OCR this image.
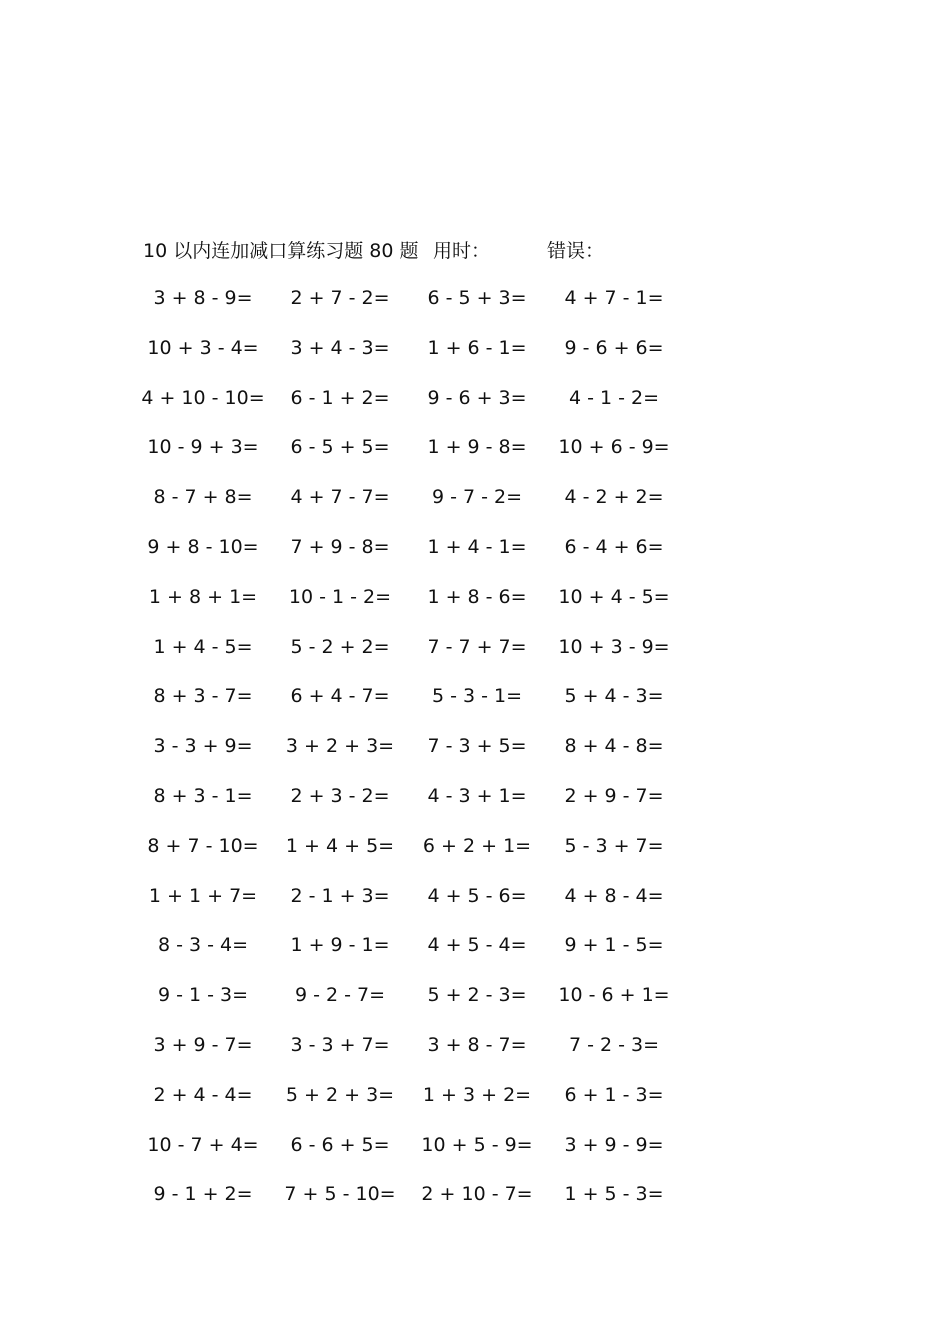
10 以内连加减口算练习题 80 题 用时：	错误：
3 + 8 - 9=	2 + 7 - 2=	6 - 5 + 3=	4 + 7 - 1=
10 + 3 - 4=	3 + 4 - 3=	1 + 6 - 1=	9 - 6 + 6=
4 + 10 - 10=	6 - 1 + 2=	9 - 6 + 3=	4 - 1 - 2=
10 - 9 + 3=	6 - 5 + 5=	1 + 9 - 8=	10 + 6 - 9=
8 - 7 + 8=	4 + 7 - 7=	9 - 7 - 2=	4 - 2 + 2=
9 + 8 - 10=	7 + 9 - 8=	1 + 4 - 1=	6 - 4 + 6=
1 + 8 + 1=	10 - 1 - 2=	1 + 8 - 6=	10 + 4 - 5=
1 + 4 - 5=	5 - 2 + 2=	7 - 7 + 7=	10 + 3 - 9=
8 + 3 - 7=	6 + 4 - 7=	5 - 3 - 1=	5 + 4 - 3=
3 - 3 + 9=	3 + 2 + 3=	7 - 3 + 5=	8 + 4 - 8=
8 + 3 - 1=	2 + 3 - 2=	4 - 3 + 1=	2 + 9 - 7=
8 + 7 - 10=	1 + 4 + 5=	6 + 2 + 1=	5 - 3 + 7=
1 + 1 + 7=	2 - 1 + 3=	4 + 5 - 6=	4 + 8 - 4=
8 - 3 - 4=	1 + 9 - 1=	4 + 5 - 4=	9 + 1 - 5=
9 - 1 - 3=	9 - 2 - 7=	5 + 2 - 3=	10 - 6 + 1=
3 + 9 - 7=	3 - 3 + 7=	3 + 8 - 7=	7 - 2 - 3=
2 + 4 - 4=	5 + 2 + 3=	1 + 3 + 2=	6 + 1 - 3=
10 - 7 + 4=	6 - 6 + 5=	10 + 5 - 9=	3 + 9 - 9=
9 - 1 + 2=	7 + 5 - 10=	2 + 10 - 7=	1 + 5 - 3=
